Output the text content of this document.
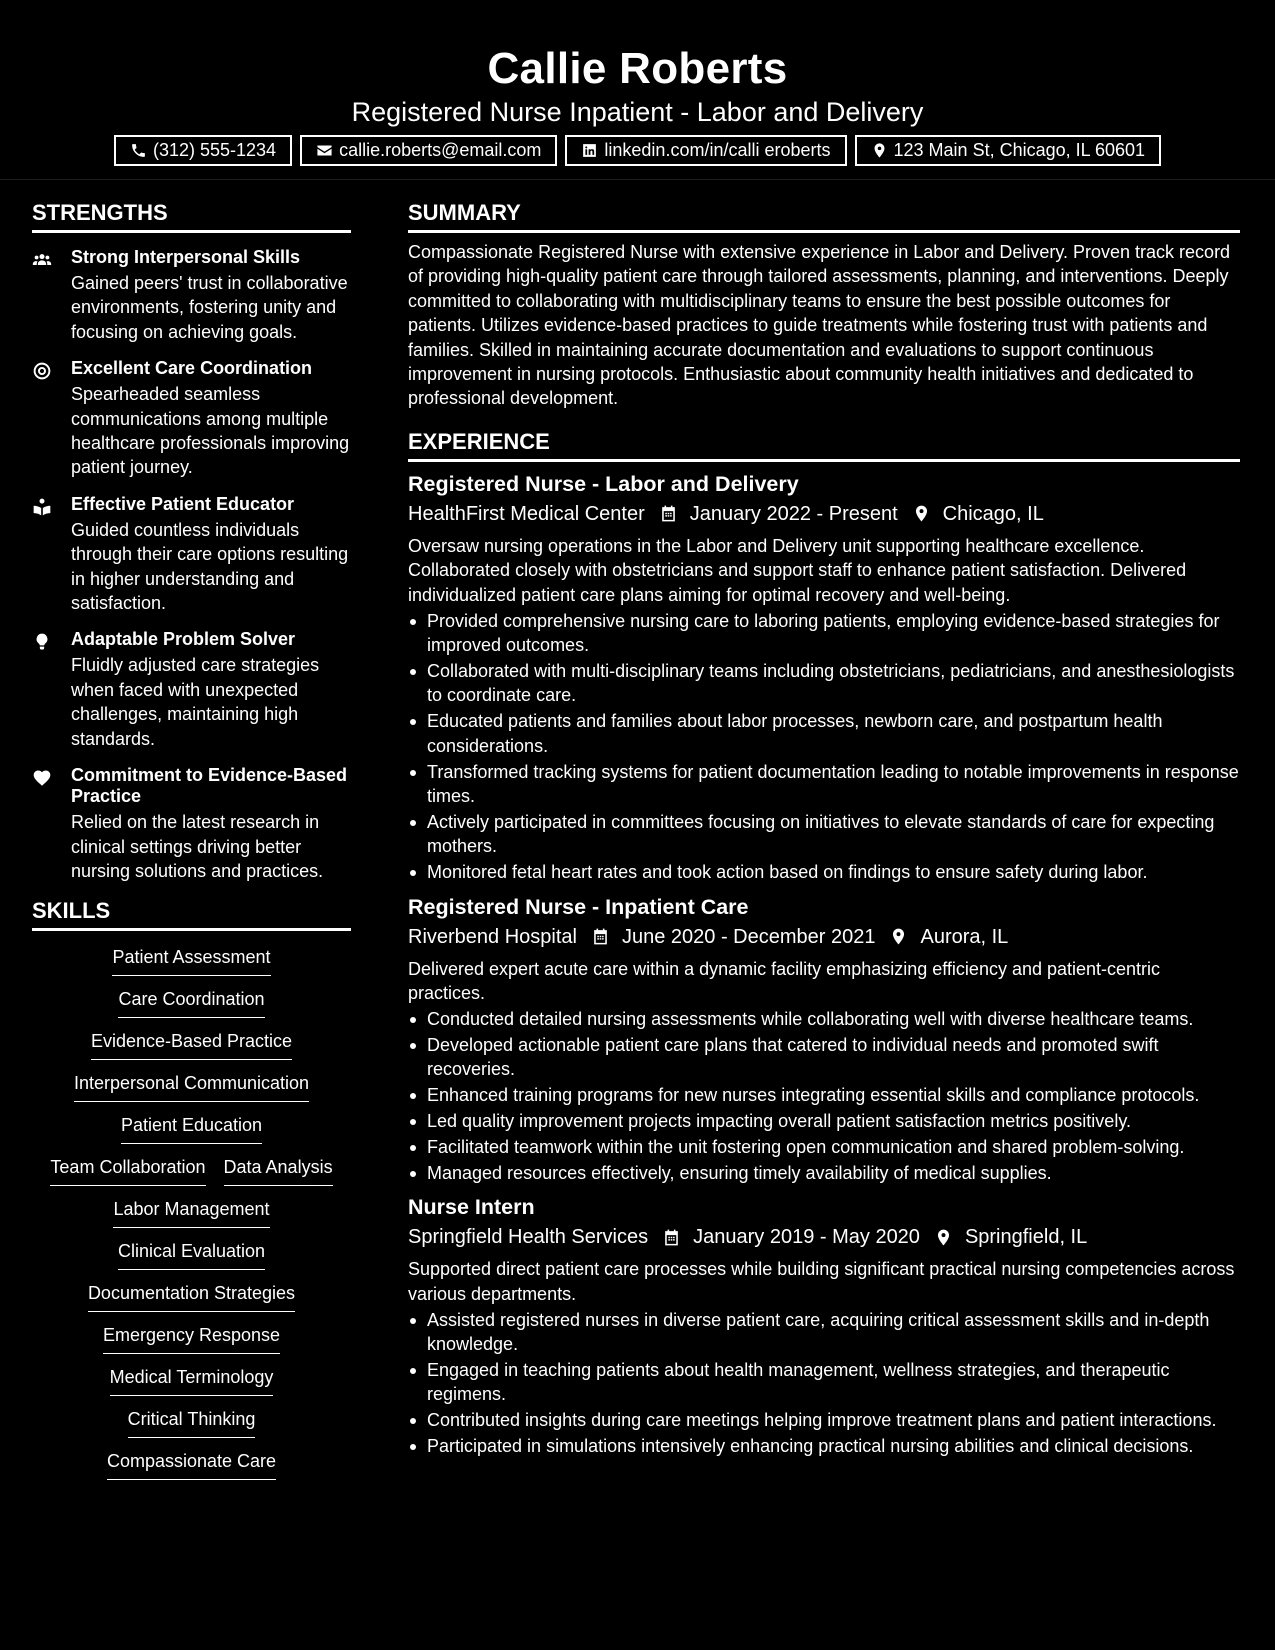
Callie Roberts
Registered Nurse Inpatient - Labor and Delivery
(312) 555-1234	callie.roberts@email.com	linkedin.com/in/calli eroberts	123 Main St, Chicago, IL 60601
STRENGTHS
Strong Interpersonal Skills
Gained peers' trust in collaborative environments, fostering unity and focusing on achieving goals.
Excellent Care Coordination
Spearheaded seamless communications among multiple healthcare professionals improving patient journey.
Effective Patient Educator
Guided countless individuals through their care options resulting in higher understanding and satisfaction.
Adaptable Problem Solver
Fluidly adjusted care strategies when faced with unexpected challenges, maintaining high standards.
Commitment to Evidence-Based Practice
Relied on the latest research in clinical settings driving better nursing solutions and practices.
SKILLS
Patient Assessment
Care Coordination
Evidence-Based Practice
Interpersonal Communication
Patient Education
Team Collaboration Data Analysis
Labor Management
Clinical Evaluation
Documentation Strategies
Emergency Response
Medical Terminology
Critical Thinking
Compassionate Care
SUMMARY
Compassionate Registered Nurse with extensive experience in Labor and Delivery. Proven track record of providing high-quality patient care through tailored assessments, planning, and interventions. Deeply committed to collaborating with multidisciplinary teams to ensure the best possible outcomes for patients. Utilizes evidence-based practices to guide treatments while fostering trust with patients and families. Skilled in maintaining accurate documentation and evaluations to support continuous improvement in nursing protocols. Enthusiastic about community health initiatives and dedicated to professional development.
EXPERIENCE
Registered Nurse - Labor and Delivery
HealthFirst Medical Center January 2022 - Present Chicago, IL
Oversaw nursing operations in the Labor and Delivery unit supporting healthcare excellence. Collaborated closely with obstetricians and support staff to enhance patient satisfaction. Delivered individualized patient care plans aiming for optimal recovery and well-being.
Provided comprehensive nursing care to laboring patients, employing evidence-based strategies for improved outcomes.
Collaborated with multi-disciplinary teams including obstetricians, pediatricians, and anesthesiologists to coordinate care.
Educated patients and families about labor processes, newborn care, and postpartum health considerations.
Transformed tracking systems for patient documentation leading to notable improvements in response times.
Actively participated in committees focusing on initiatives to elevate standards of care for expecting mothers.
Monitored fetal heart rates and took action based on findings to ensure safety during labor.
Registered Nurse - Inpatient Care
Riverbend Hospital June 2020 - December 2021 Aurora, IL
Delivered expert acute care within a dynamic facility emphasizing efficiency and patient-centric practices.
Conducted detailed nursing assessments while collaborating well with diverse healthcare teams.
Developed actionable patient care plans that catered to individual needs and promoted swift recoveries.
Enhanced training programs for new nurses integrating essential skills and compliance protocols.
Led quality improvement projects impacting overall patient satisfaction metrics positively.
Facilitated teamwork within the unit fostering open communication and shared problem-solving.
Managed resources effectively, ensuring timely availability of medical supplies.
Nurse Intern
Springfield Health Services January 2019 - May 2020 Springfield, IL
Supported direct patient care processes while building significant practical nursing competencies across various departments.
Assisted registered nurses in diverse patient care, acquiring critical assessment skills and in-depth knowledge.
Engaged in teaching patients about health management, wellness strategies, and therapeutic regimens.
Contributed insights during care meetings helping improve treatment plans and patient interactions.
Participated in simulations intensively enhancing practical nursing abilities and clinical decisions.
